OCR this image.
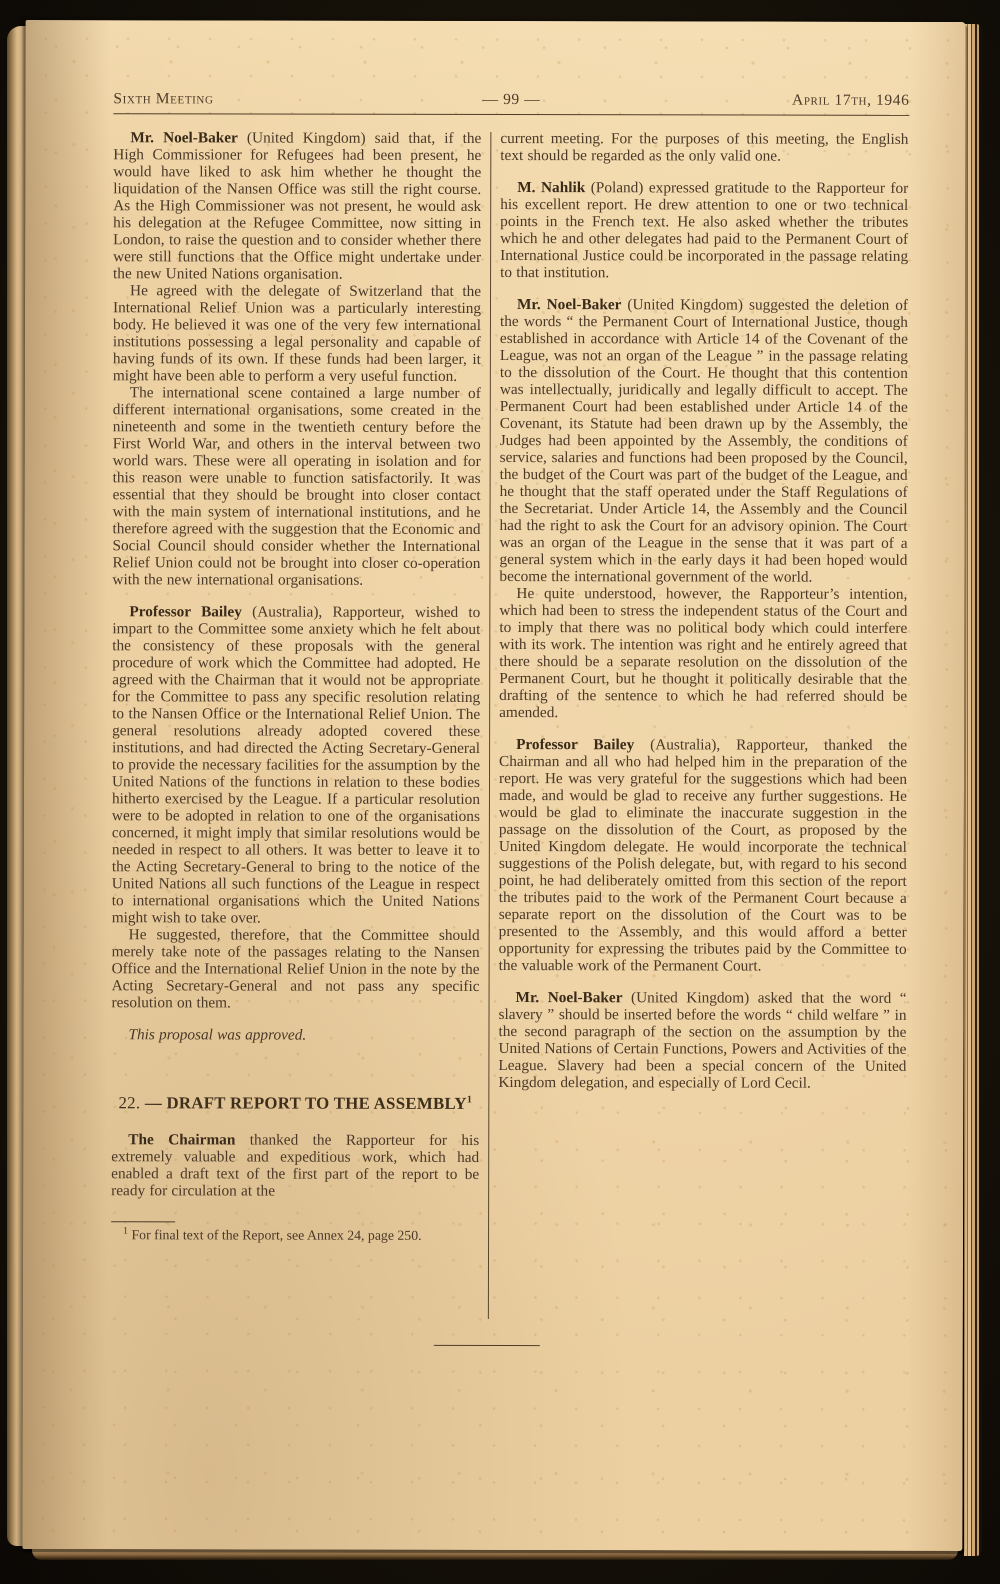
Sixth Meeting	— 99 —	April 17th, 1946

Mr. Noel-Baker (United Kingdom) said that, if the High Commissioner for Refugees had been present, he would have liked to ask him whether he thought the liquidation of the Nansen Office was still the right course. As the High Commissioner was not present, he would ask his delegation at the Refugee Committee, now sitting in London, to raise the question and to consider whether there were still functions that the Office might undertake under the new United Nations organisation.

He agreed with the delegate of Switzerland that the International Relief Union was a particularly interesting body. He believed it was one of the very few international institutions possessing a legal personality and capable of having funds of its own. If these funds had been larger, it might have been able to perform a very useful function.

The international scene contained a large number of different international organisations, some created in the nineteenth and some in the twentieth century before the First World War, and others in the interval between two world wars. These were all operating in isolation and for this reason were unable to function satisfactorily. It was essential that they should be brought into closer contact with the main system of international institutions, and he therefore agreed with the suggestion that the Economic and Social Council should consider whether the International Relief Union could not be brought into closer co-operation with the new international organisations.

Professor Bailey (Australia), Rapporteur, wished to impart to the Committee some anxiety which he felt about the consistency of these proposals with the general procedure of work which the Committee had adopted. He agreed with the Chairman that it would not be appropriate for the Committee to pass any specific resolution relating to the Nansen Office or the International Relief Union. The general resolutions already adopted covered these institutions, and had directed the Acting Secretary-General to provide the necessary facilities for the assumption by the United Nations of the functions in relation to these bodies hitherto exercised by the League. If a particular resolution were to be adopted in relation to one of the organisations concerned, it might imply that similar resolutions would be needed in respect to all others. It was better to leave it to the Acting Secretary-General to bring to the notice of the United Nations all such functions of the League in respect to international organisations which the United Nations might wish to take over.

He suggested, therefore, that the Committee should merely take note of the passages relating to the Nansen Office and the International Relief Union in the note by the Acting Secretary-General and not pass any specific resolution on them.

This proposal was approved.

22. — DRAFT REPORT TO THE ASSEMBLY$^1$

The Chairman thanked the Rapporteur for his extremely valuable and expeditious work, which had enabled a draft text of the first part of the report to be ready for circulation at the

$^1$ For final text of the Report, see Annex 24, page 250.

current meeting. For the purposes of this meeting, the English text should be regarded as the only valid one.

M. Nahlik (Poland) expressed gratitude to the Rapporteur for his excellent report. He drew attention to one or two technical points in the French text. He also asked whether the tributes which he and other delegates had paid to the Permanent Court of International Justice could be incorporated in the passage relating to that institution.

Mr. Noel-Baker (United Kingdom) suggested the deletion of the words “ the Permanent Court of International Justice, though established in accordance with Article 14 of the Covenant of the League, was not an organ of the League ” in the passage relating to the dissolution of the Court. He thought that this contention was intellectually, juridically and legally difficult to accept. The Permanent Court had been established under Article 14 of the Covenant, its Statute had been drawn up by the Assembly, the Judges had been appointed by the Assembly, the conditions of service, salaries and functions had been proposed by the Council, the budget of the Court was part of the budget of the League, and he thought that the staff operated under the Staff Regulations of the Secretariat. Under Article 14, the Assembly and the Council had the right to ask the Court for an advisory opinion. The Court was an organ of the League in the sense that it was part of a general system which in the early days it had been hoped would become the international government of the world.

He quite understood, however, the Rapporteur’s intention, which had been to stress the independent status of the Court and to imply that there was no political body which could interfere with its work. The intention was right and he entirely agreed that there should be a separate resolution on the dissolution of the Permanent Court, but he thought it politically desirable that the drafting of the sentence to which he had referred should be amended.

Professor Bailey (Australia), Rapporteur, thanked the Chairman and all who had helped him in the preparation of the report. He was very grateful for the suggestions which had been made, and would be glad to receive any further suggestions. He would be glad to eliminate the inaccurate suggestion in the passage on the dissolution of the Court, as proposed by the United Kingdom delegate. He would incorporate the technical suggestions of the Polish delegate, but, with regard to his second point, he had deliberately omitted from this section of the report the tributes paid to the work of the Permanent Court because a separate report on the dissolution of the Court was to be presented to the Assembly, and this would afford a better opportunity for expressing the tributes paid by the Committee to the valuable work of the Permanent Court.

Mr. Noel-Baker (United Kingdom) asked that the word “ slavery ” should be inserted before the words “ child welfare ” in the second paragraph of the section on the assumption by the United Nations of Certain Functions, Powers and Activities of the League. Slavery had been a special concern of the United Kingdom delegation, and especially of Lord Cecil.
